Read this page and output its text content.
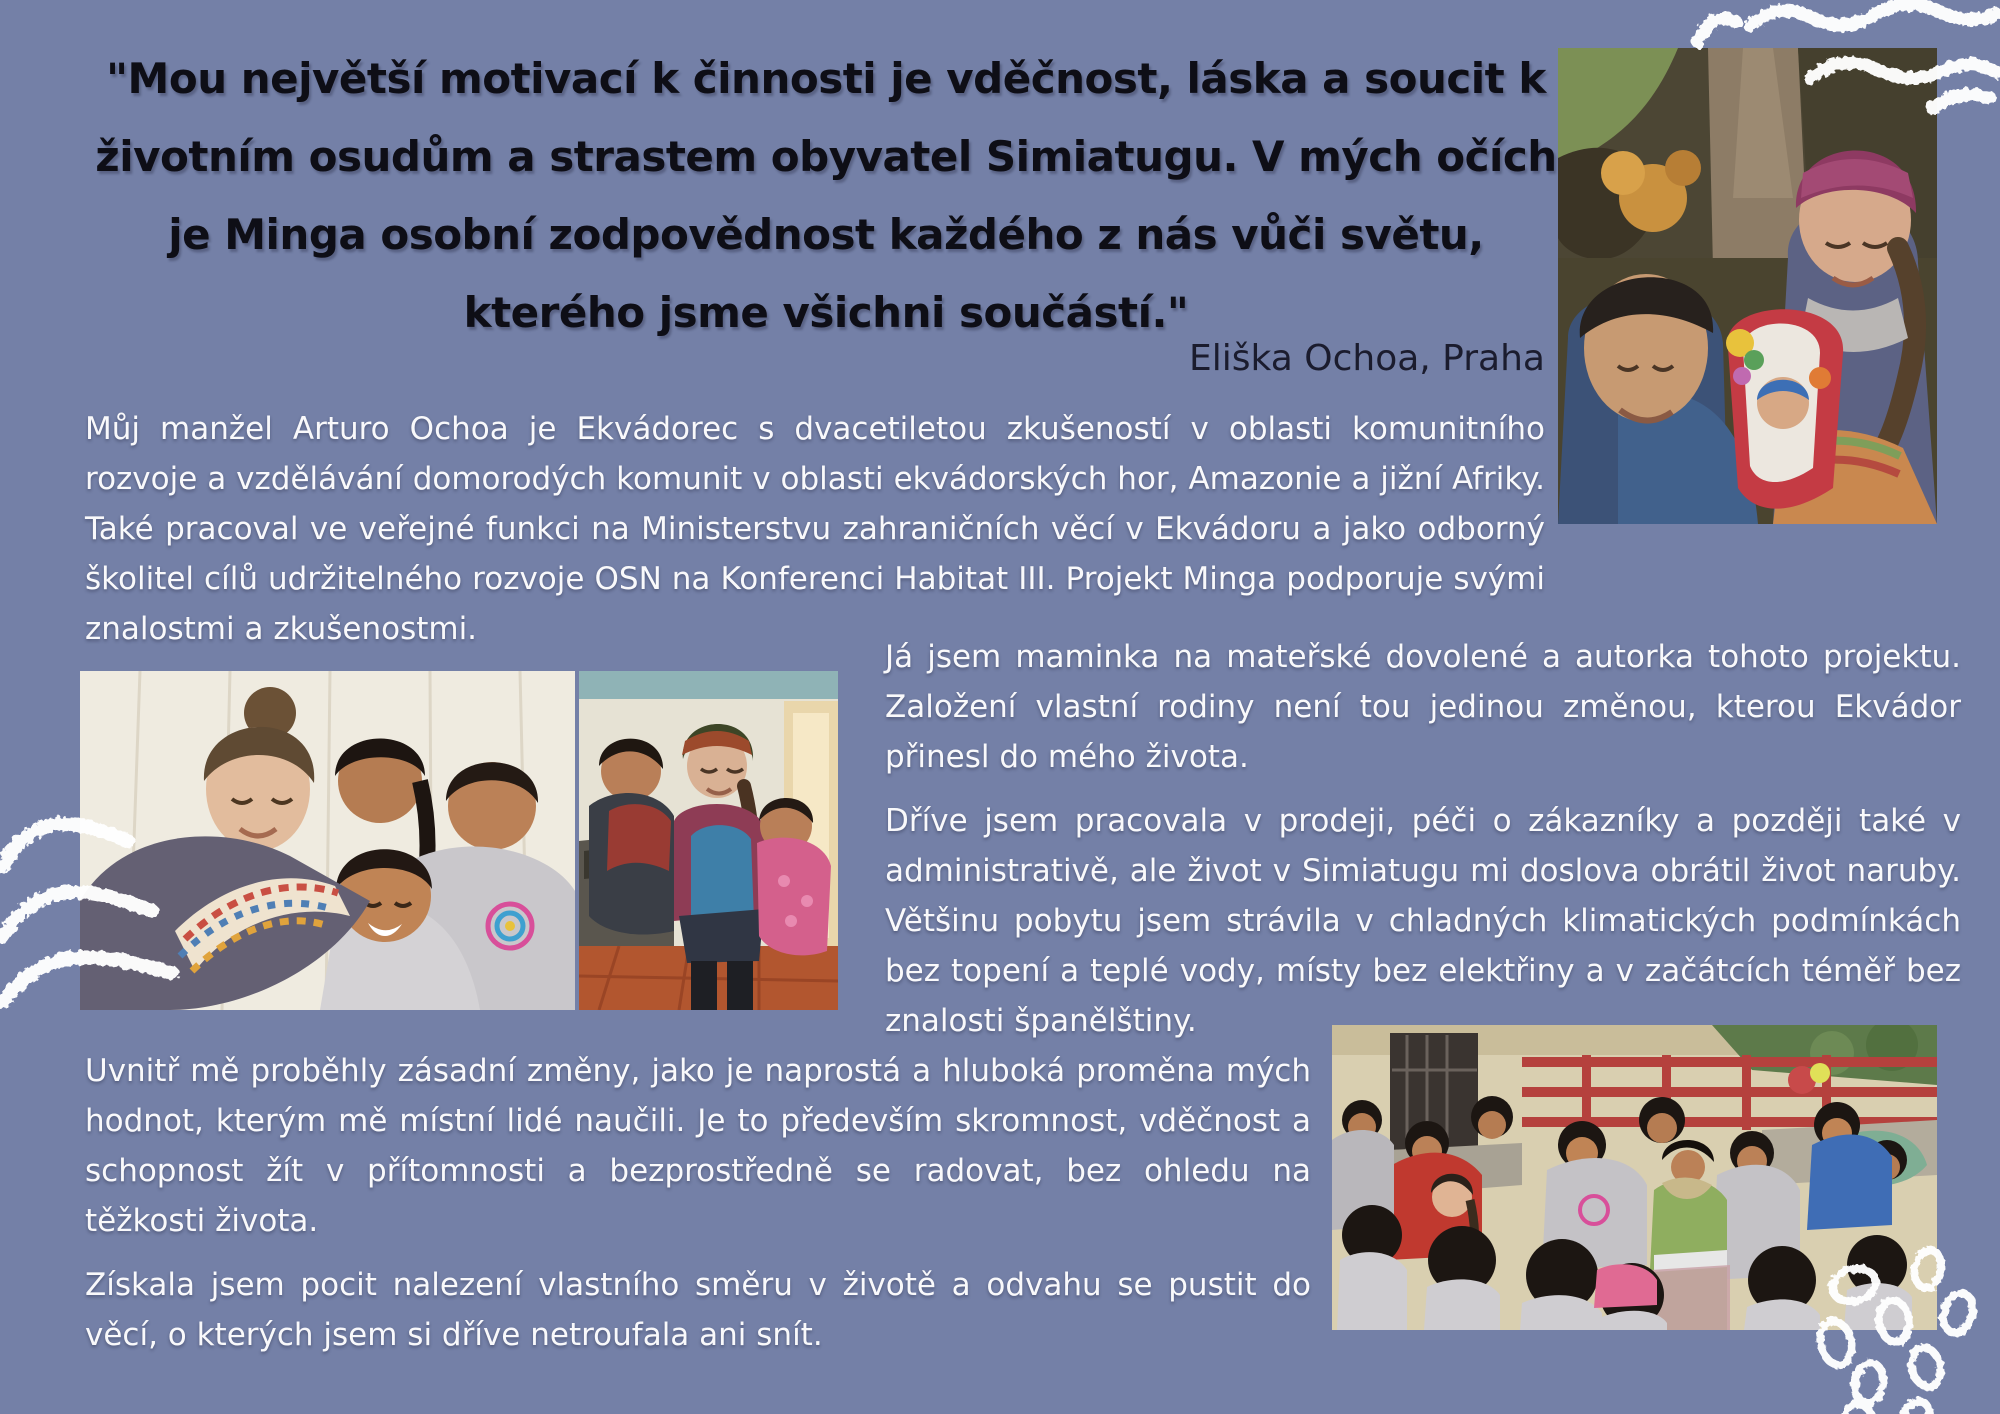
"Mou největší motivací k činnosti je vděčnost, láska a soucit k životním osudům a strastem obyvatel Simiatugu. V mých očích je Minga osobní zodpovědnost každého z nás vůči světu, kterého jsme všichni součástí."
Eliška Ochoa, Praha
Můj manžel Arturo Ochoa je Ekvádorec s dvacetiletou zkušeností v oblasti komunitního rozvoje a vzdělávání domorodých komunit v oblasti ekvádorských hor, Amazonie a jižní Afriky. Také pracoval ve veřejné funkci na Ministerstvu zahraničních věcí v Ekvádoru a jako odborný školitel cílů udržitelného rozvoje OSN na Konferenci Habitat III. Projekt Minga podporuje svými znalostmi a zkušenostmi.

Já jsem maminka na mateřské dovolené a autorka tohoto projektu. Založení vlastní rodiny není tou jedinou změnou, kterou Ekvádor přinesl do mého života.

Dříve jsem pracovala v prodeji, péči o zákazníky a později také v administrativě, ale život v Simiatugu mi doslova obrátil život naruby. Většinu pobytu jsem strávila v chladných klimatických podmínkách bez topení a teplé vody, místy bez elektřiny a v začátcích téměř bez znalosti španělštiny.

Uvnitř mě proběhly zásadní změny, jako je naprostá a hluboká proměna mých hodnot, kterým mě místní lidé naučili. Je to především skromnost, vděčnost a schopnost žít v přítomnosti a bezprostředně se radovat, bez ohledu na těžkosti života.

Získala jsem pocit nalezení vlastního směru v životě a odvahu se pustit do věcí, o kterých jsem si dříve netroufala ani snít.
